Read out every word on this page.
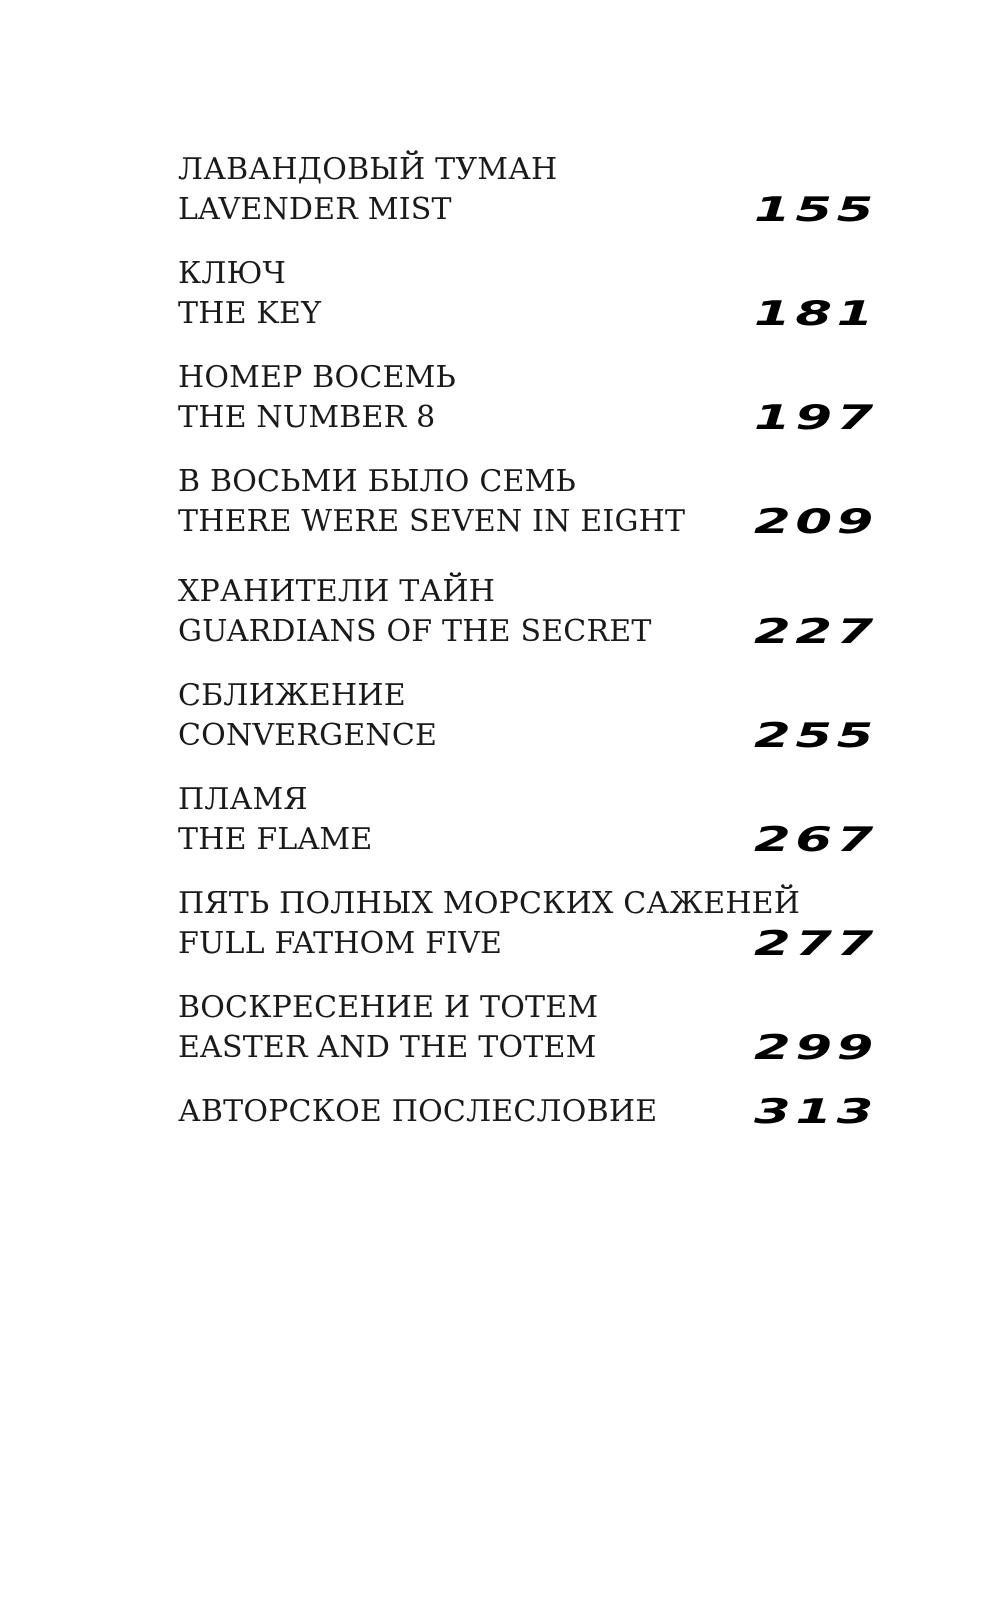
ЛАВАНДОВЫЙ ТУМАН
LAVENDER MIST	155
КЛЮЧ
THE KEY	181
НОМЕР ВОСЕМЬ
THE NUMBER 8	197
В ВОСЬМИ БЫЛО СЕМЬ
THERE WERE SEVEN IN EIGHT	209
ХРАНИТЕЛИ ТАЙН
GUARDIANS OF THE SECRET	227
СБЛИЖЕНИЕ
CONVERGENCE	255
ПЛАМЯ
THE FLAME	267
ПЯТЬ ПОЛНЫХ МОРСКИХ САЖЕНЕЙ
FULL FATHOM FIVE	277
ВОСКРЕСЕНИЕ И ТОТЕМ
EASTER AND THE TOTEM	299
АВТОРСКОЕ ПОСЛЕСЛОВИЕ	313
